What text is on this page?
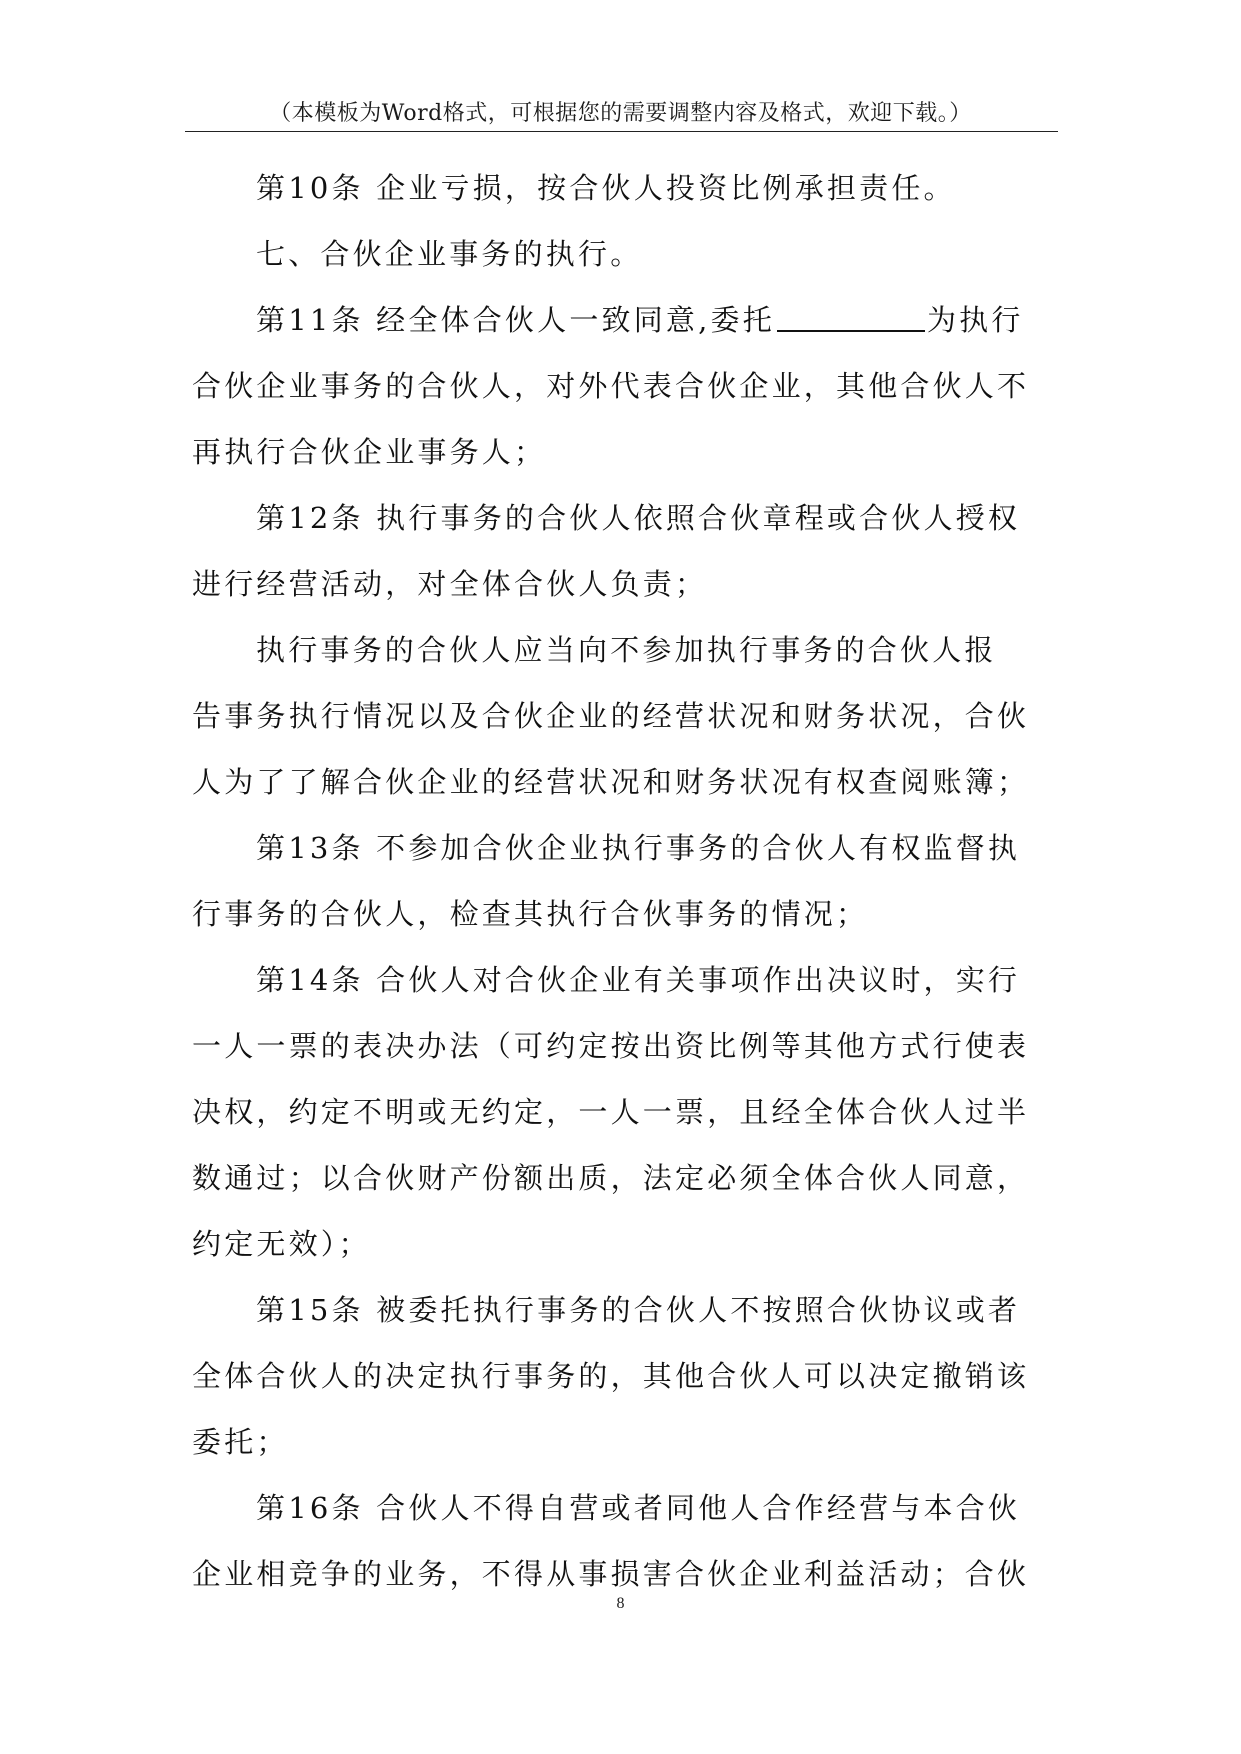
（本模板为Word格式，可根据您的需要调整内容及格式，欢迎下载。）
第10条 企业亏损，按合伙人投资比例承担责任。
七、合伙企业事务的执行。
第11条 经全体合伙人一致同意,委托	为执行
合伙企业事务的合伙人，对外代表合伙企业，其他合伙人不
再执行合伙企业事务人；
第12条 执行事务的合伙人依照合伙章程或合伙人授权
进行经营活动，对全体合伙人负责；
执行事务的合伙人应当向不参加执行事务的合伙人报
告事务执行情况以及合伙企业的经营状况和财务状况，合伙
人为了了解合伙企业的经营状况和财务状况有权查阅账簿；
第13条 不参加合伙企业执行事务的合伙人有权监督执
行事务的合伙人，检查其执行合伙事务的情况；
第14条 合伙人对合伙企业有关事项作出决议时，实行
一人一票的表决办法（可约定按出资比例等其他方式行使表
决权，约定不明或无约定，一人一票，且经全体合伙人过半
数通过；以合伙财产份额出质，法定必须全体合伙人同意，
约定无效）；
第15条 被委托执行事务的合伙人不按照合伙协议或者
全体合伙人的决定执行事务的，其他合伙人可以决定撤销该
委托；
第16条 合伙人不得自营或者同他人合作经营与本合伙
企业相竞争的业务，不得从事损害合伙企业利益活动；合伙
8
